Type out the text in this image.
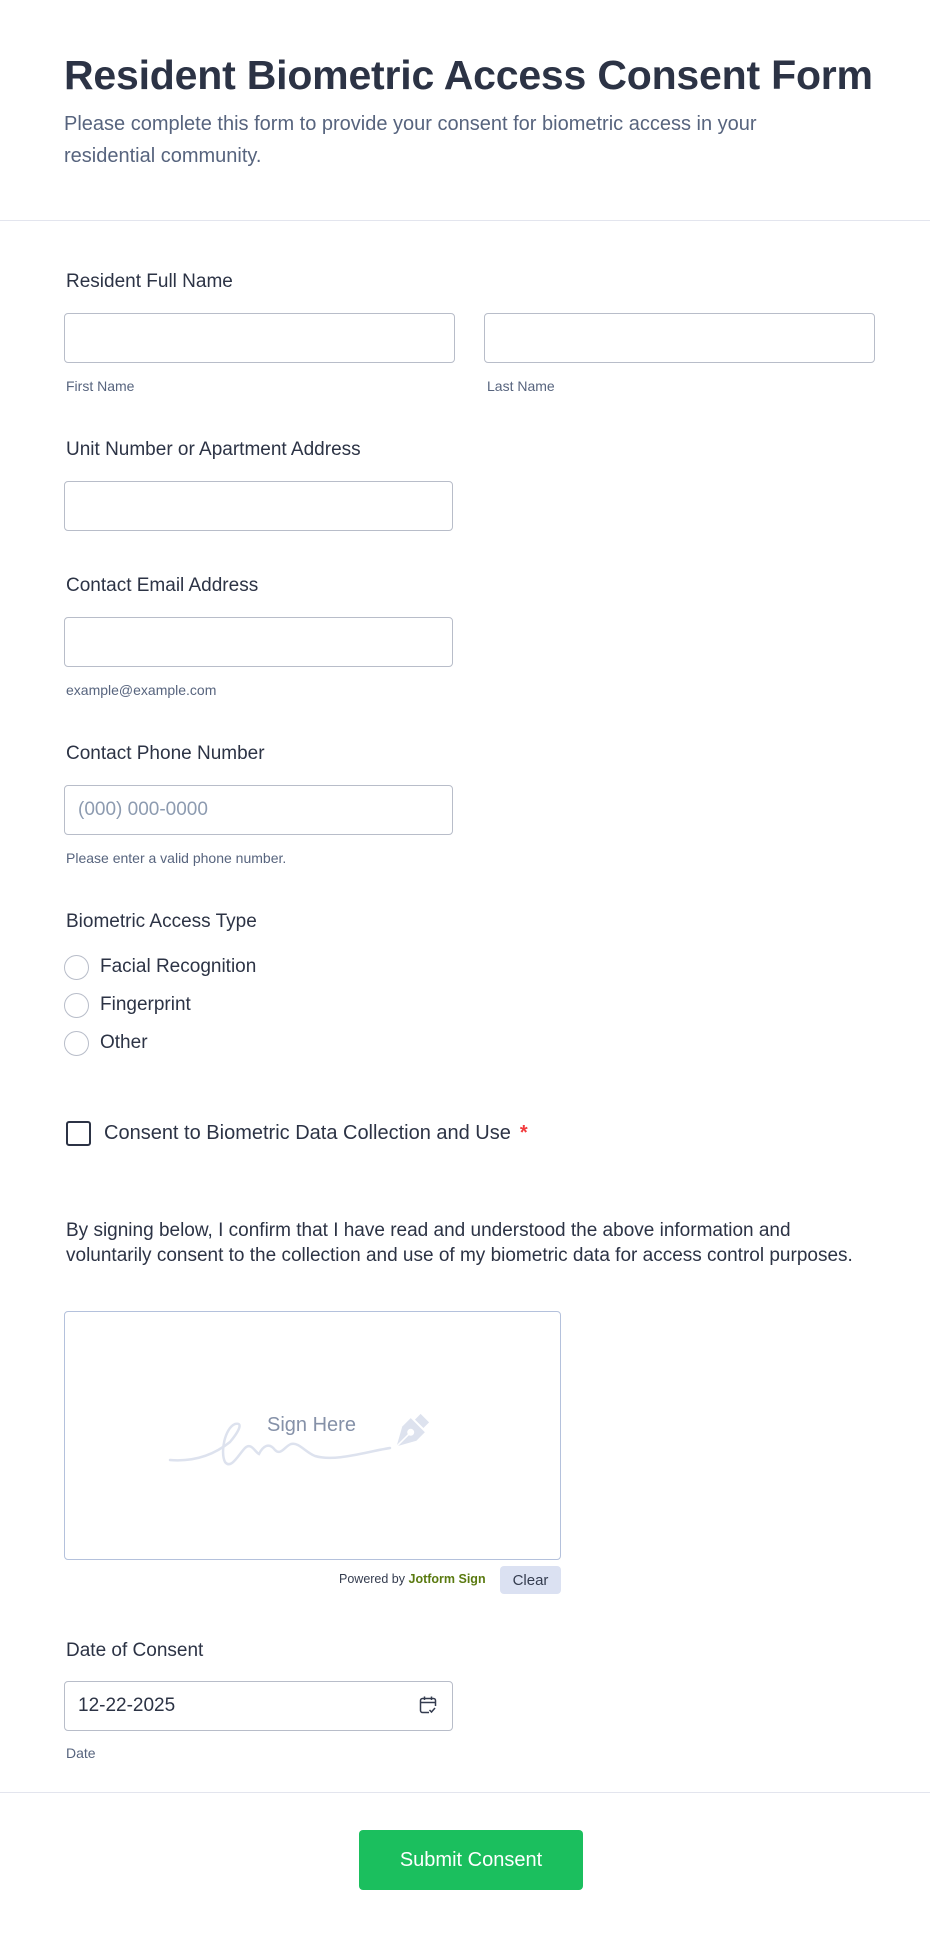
Resident Biometric Access Consent Form

Please complete this form to provide your consent for biometric access in your residential community.

Resident Full Name
First Name	Last Name
Unit Number or Apartment Address
Contact Email Address
example@example.com
Contact Phone Number
(000) 000-0000
Please enter a valid phone number.
Biometric Access Type
Facial Recognition
Fingerprint
Other
Consent to Biometric Data Collection and Use *
By signing below, I confirm that I have read and understood the above information and voluntarily consent to the collection and use of my biometric data for access control purposes.
Sign Here
Powered by Jotform Sign	Clear
Date of Consent
12-22-2025
Date
Submit Consent
